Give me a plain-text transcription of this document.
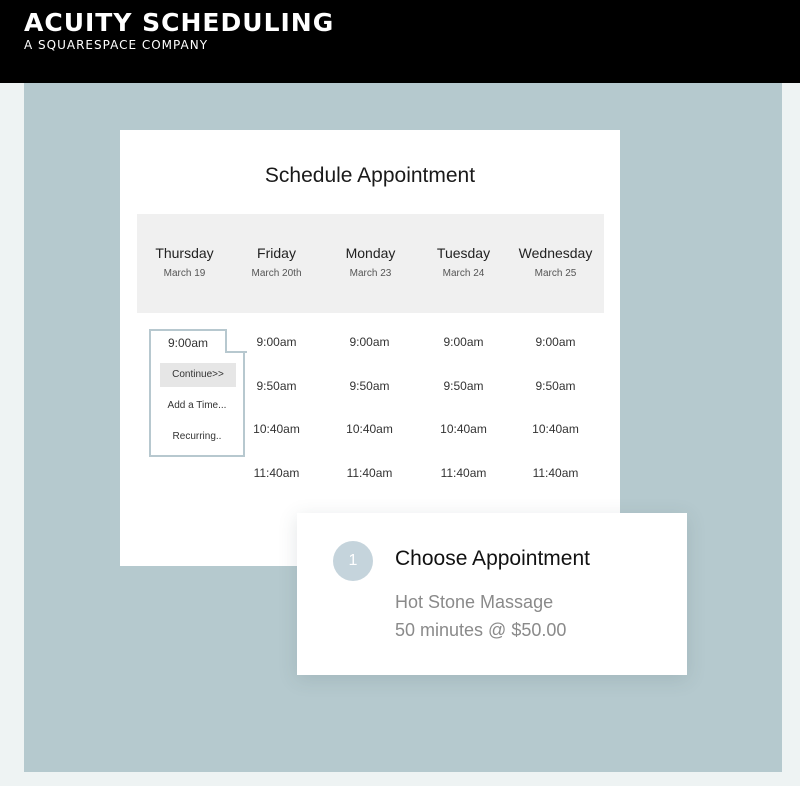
ACUITY SCHEDULING
A SQUARESPACE COMPANY
Schedule Appointment
Thursday
March 19
Friday
March 20th
Monday
March 23
Tuesday
March 24
Wednesday
March 25
9:00am
Continue>>
Add a Time...
Recurring..
9:00am
9:50am
10:40am
11:40am
9:00am
9:50am
10:40am
11:40am
9:00am
9:50am
10:40am
11:40am
9:00am
9:50am
10:40am
11:40am
1	Choose Appointment
Hot Stone Massage
50 minutes @ $50.00
